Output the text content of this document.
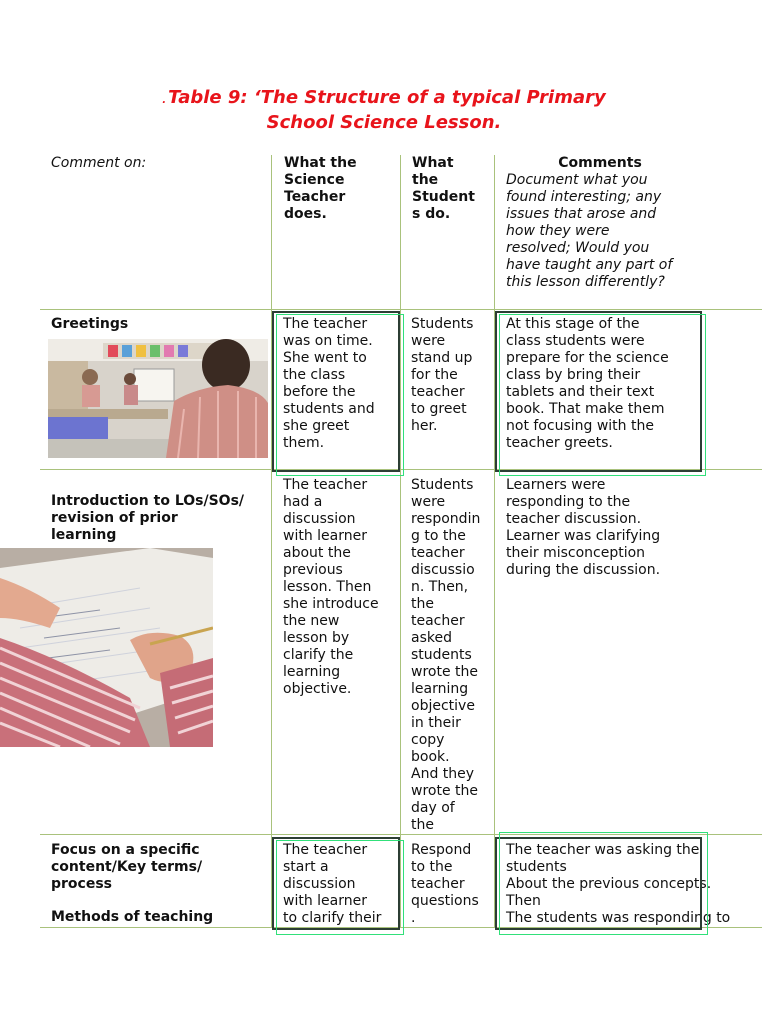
. Table 9: ‘The Structure of a typical Primary
School Science Lesson.
Comment on:	What the
Science
Teacher
does.
What
the
Student
s do.
Comments
Document what you
found interesting; any
issues that arose and
how they were
resolved; Would you
have taught any part of
this lesson differently?
Greetings	The teacher
was on time.
She went to
the class
before the
students and
she greet
them.
Students
were
stand up
for the
teacher
to greet
her.
At this stage of the
class students were
prepare for the science
class by bring their
tablets and their text
book. That make them
not focusing with the
teacher greets.
Introduction to LOs/SOs/
revision of prior
learning
The teacher
had a
discussion
with learner
about the
previous
lesson. Then
she introduce
the new
lesson by
clarify the
learning
objective.
Students
were
respondin
g to the
teacher
discussio
n. Then,
the
teacher
asked
students
wrote the
learning
objective
in their
copy
book.
And they
wrote the
day of
the
Learners were
responding to the
teacher discussion.
Learner was clarifying
their misconception
during the discussion.
Focus on a specific
content/Key terms/
process
Methods of teaching
The teacher
start a
discussion
with learner
to clarify their
Respond
to the
teacher
questions
.
The teacher was asking the
students
About the previous concepts.
Then
The students was responding to
